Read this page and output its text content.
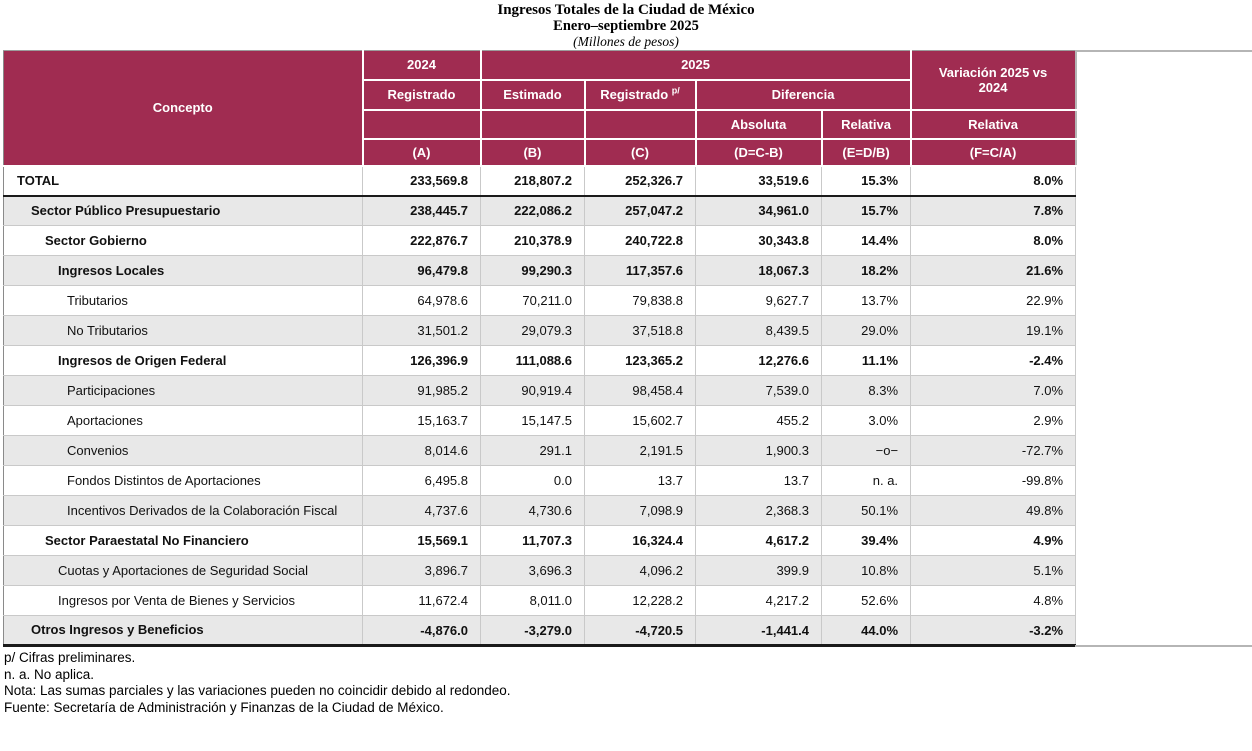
Ingresos Totales de la Ciudad de México
Enero–septiembre 2025
(Millones de pesos)
Concepto	2024	2025				Variación 2025 vs 2024
	Registrado	Estimado	Registrado $^{p/}$	Diferencia		
				Absoluta	Relativa	Relativa
	(A)	(B)	(C)	(D=C-B)	(E=D/B)	(F=C/A)
TOTAL	233,569.8	218,807.2	252,326.7	33,519.6	15.3%	8.0%
Sector Público Presupuestario	238,445.7	222,086.2	257,047.2	34,961.0	15.7%	7.8%
Sector Gobierno	222,876.7	210,378.9	240,722.8	30,343.8	14.4%	8.0%
Ingresos Locales	96,479.8	99,290.3	117,357.6	18,067.3	18.2%	21.6%
Tributarios	64,978.6	70,211.0	79,838.8	9,627.7	13.7%	22.9%
No Tributarios	31,501.2	29,079.3	37,518.8	8,439.5	29.0%	19.1%
Ingresos de Origen Federal	126,396.9	111,088.6	123,365.2	12,276.6	11.1%	-2.4%
Participaciones	91,985.2	90,919.4	98,458.4	7,539.0	8.3%	7.0%
Aportaciones	15,163.7	15,147.5	15,602.7	455.2	3.0%	2.9%
Convenios	8,014.6	291.1	2,191.5	1,900.3	−o−	-72.7%
Fondos Distintos de Aportaciones	6,495.8	0.0	13.7	13.7	n. a.	-99.8%
Incentivos Derivados de la Colaboración Fiscal	4,737.6	4,730.6	7,098.9	2,368.3	50.1%	49.8%
Sector Paraestatal No Financiero	15,569.1	11,707.3	16,324.4	4,617.2	39.4%	4.9%
Cuotas y Aportaciones de Seguridad Social	3,896.7	3,696.3	4,096.2	399.9	10.8%	5.1%
Ingresos por Venta de Bienes y Servicios	11,672.4	8,011.0	12,228.2	4,217.2	52.6%	4.8%
Otros Ingresos y Beneficios	-4,876.0	-3,279.0	-4,720.5	-1,441.4	44.0%	-3.2%
p/ Cifras preliminares.
n. a. No aplica.
Nota: Las sumas parciales y las variaciones pueden no coincidir debido al redondeo.
Fuente: Secretaría de Administración y Finanzas de la Ciudad de México.
